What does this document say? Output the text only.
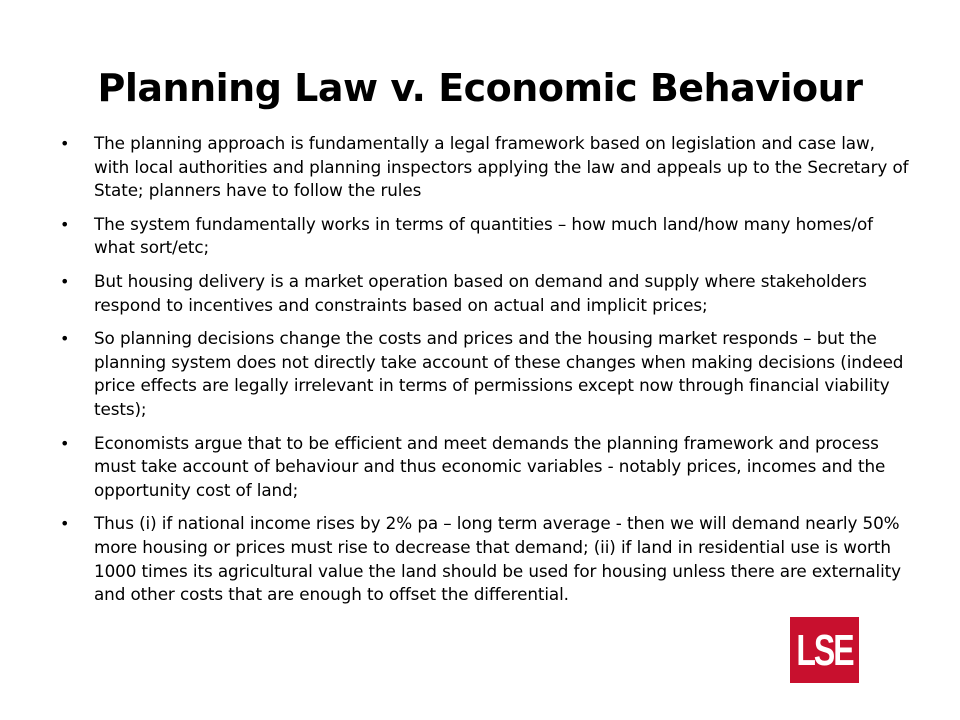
Planning Law v. Economic Behaviour
• The planning approach is fundamentally a legal framework based on legislation and case law, with local authorities and planning inspectors applying the law and appeals up to the Secretary of State; planners have to follow the rules
• The system fundamentally works in terms of quantities – how much land/how many homes/of what sort/etc;
• But housing delivery is a market operation based on demand and supply where stakeholders respond to incentives and constraints based on actual and implicit prices;
• So planning decisions change the costs and prices and the housing market responds – but the planning system does not directly take account of these changes when making decisions (indeed price effects are legally irrelevant in terms of permissions except now through financial viability tests);
• Economists argue that to be efficient and meet demands the planning framework and process must take account of behaviour and thus economic variables - notably prices, incomes and the opportunity cost of land;
• Thus (i) if national income rises by 2% pa – long term average - then we will demand nearly 50% more housing or prices must rise to decrease that demand; (ii) if land in residential use is worth 1000 times its agricultural value the land should be used for housing unless there are externality and other costs that are enough to offset the differential.
LSE
